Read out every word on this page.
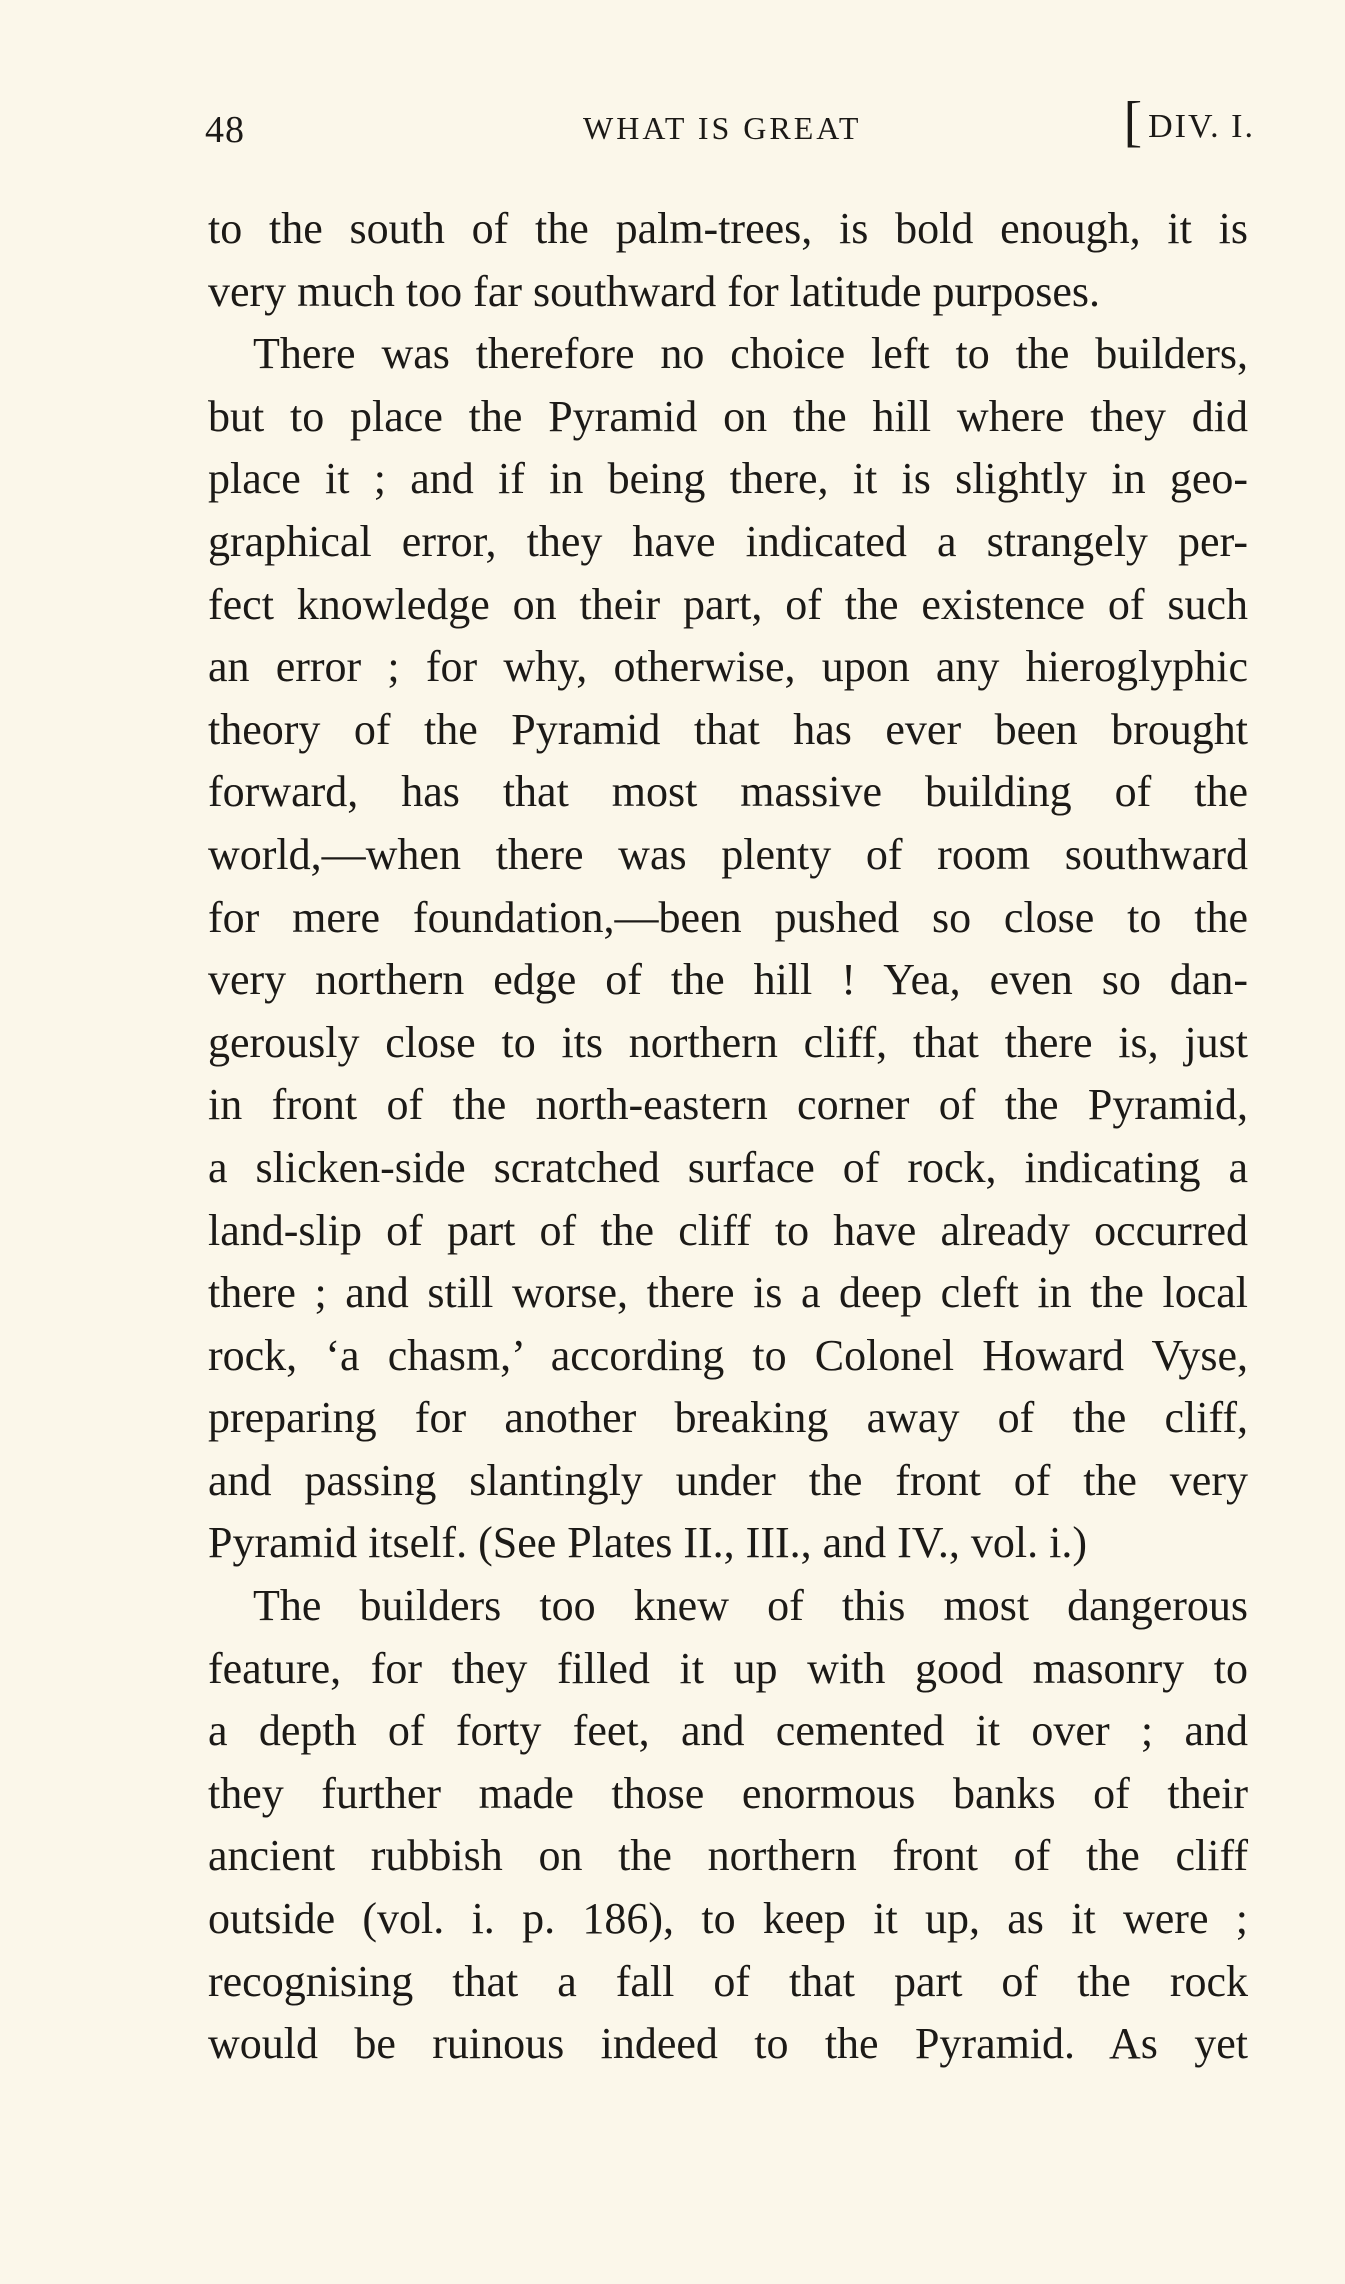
48	WHAT IS GREAT	[ DIV. I.
to the south of the palm-trees, is bold enough, it is
very much too far southward for latitude purposes.
There was therefore no choice left to the builders,
but to place the Pyramid on the hill where they did
place it ; and if in being there, it is slightly in geo-
graphical error, they have indicated a strangely per-
fect knowledge on their part, of the existence of such
an error ; for why, otherwise, upon any hieroglyphic
theory of the Pyramid that has ever been brought
forward, has that most massive building of the
world,—when there was plenty of room southward
for mere foundation,—been pushed so close to the
very northern edge of the hill ! Yea, even so dan-
gerously close to its northern cliff, that there is, just
in front of the north-eastern corner of the Pyramid,
a slicken-side scratched surface of rock, indicating a
land-slip of part of the cliff to have already occurred
there ; and still worse, there is a deep cleft in the local
rock, ‘a chasm,’ according to Colonel Howard Vyse,
preparing for another breaking away of the cliff,
and passing slantingly under the front of the very
Pyramid itself. (See Plates II., III., and IV., vol. i.)
The builders too knew of this most dangerous
feature, for they filled it up with good masonry to
a depth of forty feet, and cemented it over ; and
they further made those enormous banks of their
ancient rubbish on the northern front of the cliff
outside (vol. i. p. 186), to keep it up, as it were ;
recognising that a fall of that part of the rock
would be ruinous indeed to the Pyramid. As yet
